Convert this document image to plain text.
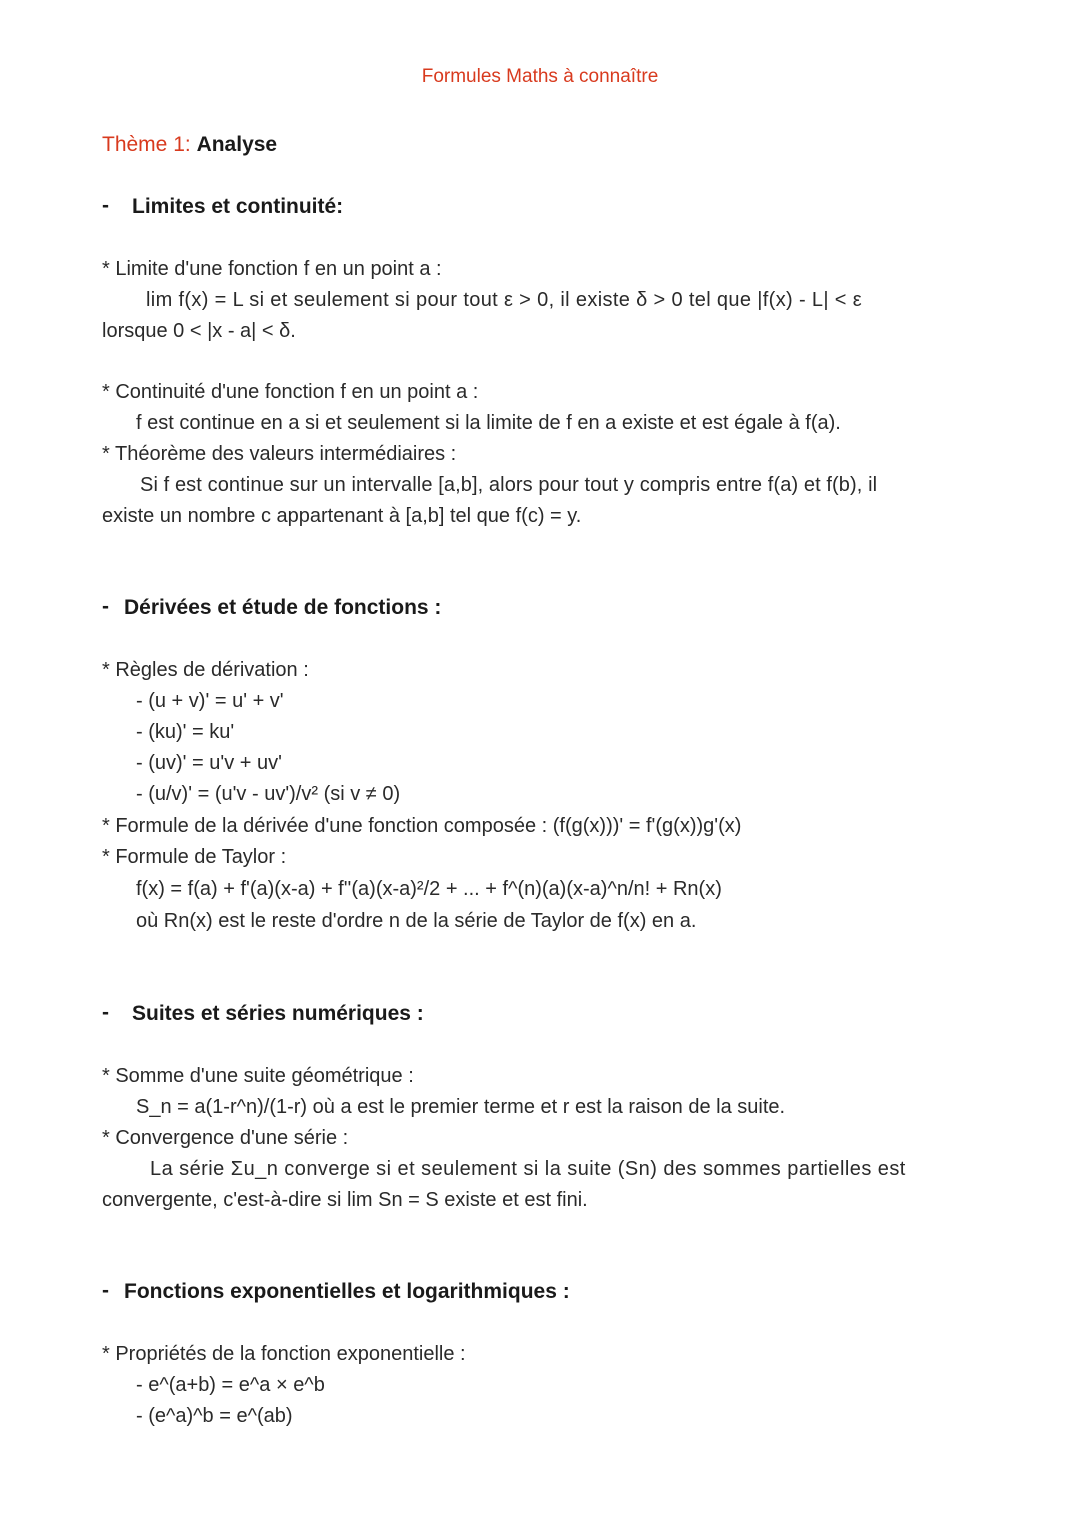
Formules Maths à connaître
Thème 1: Analyse
- Limites et continuité:
* Limite d'une fonction f en un point a :
lim f(x) = L si et seulement si pour tout ε > 0, il existe δ > 0 tel que |f(x) - L| < ε
lorsque 0 < |x - a| < δ.
* Continuité d'une fonction f en un point a :
f est continue en a si et seulement si la limite de f en a existe et est égale à f(a).
* Théorème des valeurs intermédiaires :
Si f est continue sur un intervalle [a,b], alors pour tout y compris entre f(a) et f(b), il
existe un nombre c appartenant à [a,b] tel que f(c) = y.
- Dérivées et étude de fonctions :
* Règles de dérivation :
- (u + v)' = u' + v'
- (ku)' = ku'
- (uv)' = u'v + uv'
- (u/v)' = (u'v - uv')/v² (si v ≠ 0)
* Formule de la dérivée d'une fonction composée : (f(g(x)))' = f'(g(x))g'(x)
* Formule de Taylor :
f(x) = f(a) + f'(a)(x-a) + f''(a)(x-a)²/2 + ... + f^(n)(a)(x-a)^n/n! + Rn(x)
où Rn(x) est le reste d'ordre n de la série de Taylor de f(x) en a.
- Suites et séries numériques :
* Somme d'une suite géométrique :
S_n = a(1-r^n)/(1-r) où a est le premier terme et r est la raison de la suite.
* Convergence d'une série :
La série Σu_n converge si et seulement si la suite (Sn) des sommes partielles est
convergente, c'est-à-dire si lim Sn = S existe et est fini.
- Fonctions exponentielles et logarithmiques :
* Propriétés de la fonction exponentielle :
- e^(a+b) = e^a × e^b
- (e^a)^b = e^(ab)
